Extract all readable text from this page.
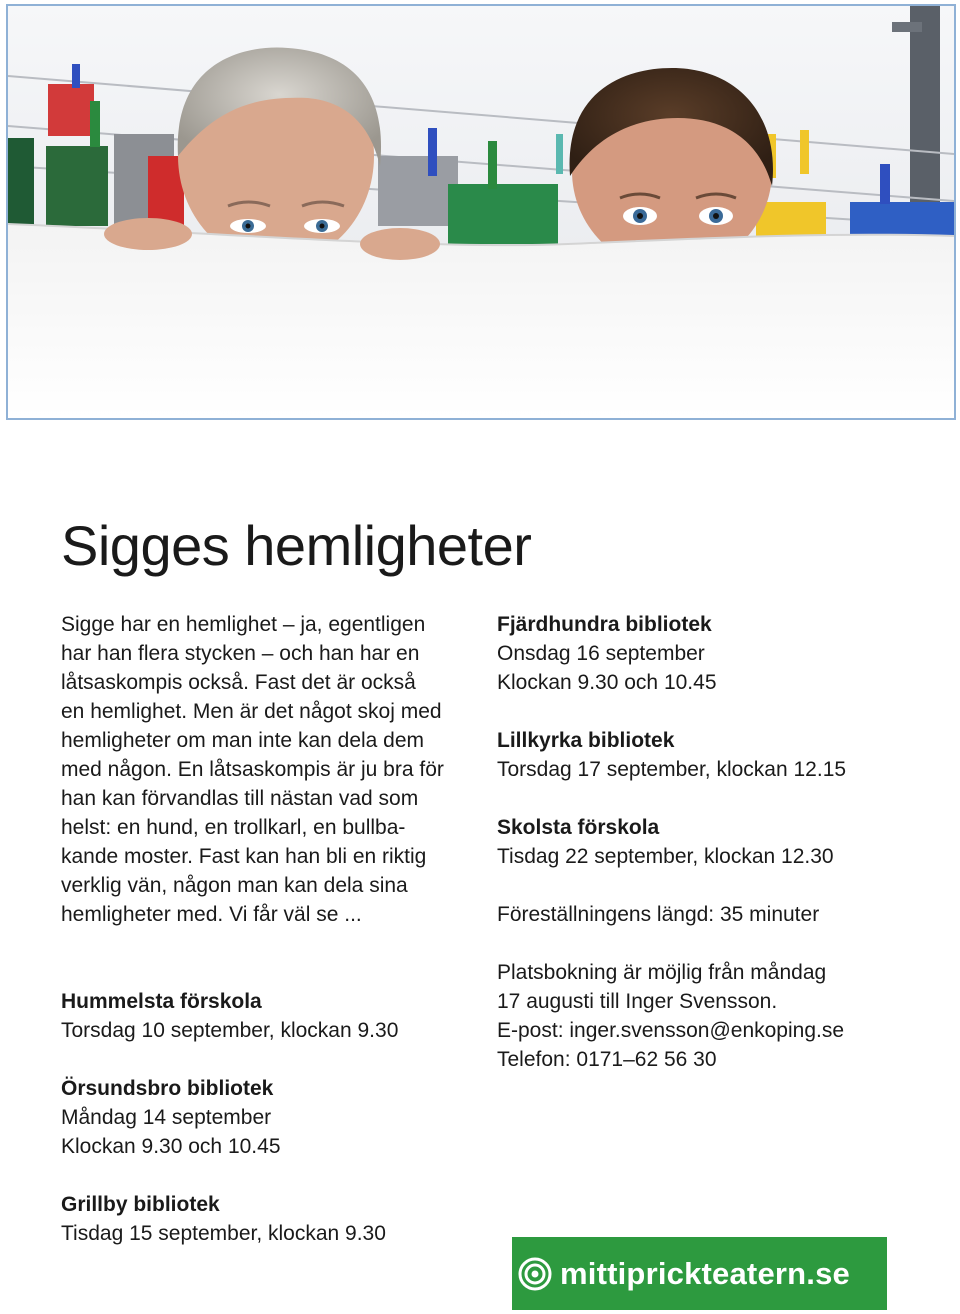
Sigges hemligheter

Sigge har en hemlighet – ja, egentligen

har han flera stycken – och han har en

låtsaskompis också. Fast det är också

en hemlighet. Men är det något skoj med

hemligheter om man inte kan dela dem

med någon. En låtsaskompis är ju bra för

han kan förvandlas till nästan vad som

helst: en hund, en trollkarl, en bullba-

kande moster. Fast kan han bli en riktig

verklig vän, någon man kan dela sina

hemligheter med. Vi får väl se ...

Hummelsta förskola

Torsdag 10 september, klockan 9.30

Örsundsbro bibliotek

Måndag 14 september

Klockan 9.30 och 10.45

Grillby bibliotek

Tisdag 15 september, klockan 9.30

Fjärdhundra bibliotek

Onsdag 16 september

Klockan 9.30 och 10.45

Lillkyrka bibliotek

Torsdag 17 september, klockan 12.15

Skolsta förskola

Tisdag 22 september, klockan 12.30

Föreställningens längd: 35 minuter

Platsbokning är möjlig från måndag

17 augusti till Inger Svensson.

E-post: inger.svensson@enkoping.se

Telefon: 0171–62 56 30

mittiprickteatern.se
